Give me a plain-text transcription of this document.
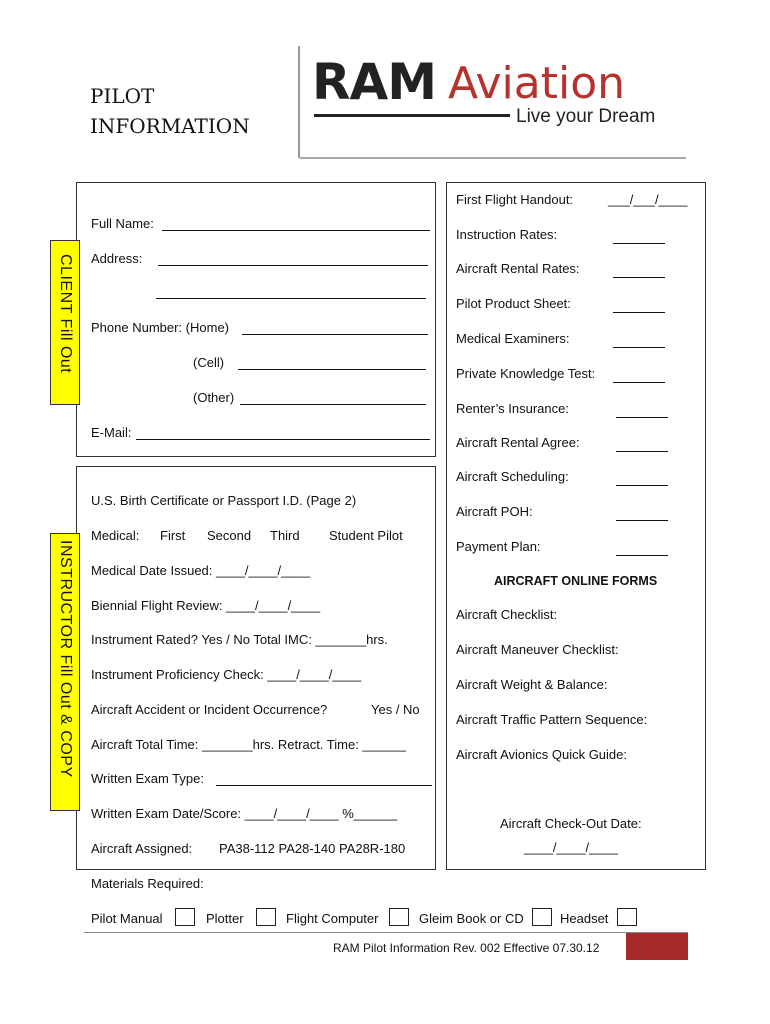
PILOT
INFORMATION
RAM Aviation
Live your Dream
CLIENT Fill Out
Full Name:
Address:
Phone Number: (Home)
(Cell)
(Other)
E-Mail:
INSTRUCTOR Fill Out & COPY
U.S. Birth Certificate or Passport I.D. (Page 2)
Medical: First Second Third Student Pilot
Medical Date Issued: ____/____/____
Biennial Flight Review: ____/____/____
Instrument Rated? Yes / No Total IMC: _______hrs.
Instrument Proficiency Check: ____/____/____
Aircraft Accident or Incident Occurrence?	Yes / No
Aircraft Total Time: _______hrs. Retract. Time: ______
Written Exam Type:
Written Exam Date/Score: ____/____/____ %______
Aircraft Assigned: PA38-112 PA28-140 PA28R-180
First Flight Handout:	___/___/____
Instruction Rates:
Aircraft Rental Rates:
Pilot Product Sheet:
Medical Examiners:
Private Knowledge Test:
Renter’s Insurance:
Aircraft Rental Agree:
Aircraft Scheduling:
Aircraft POH:
Payment Plan:
AIRCRAFT ONLINE FORMS
Aircraft Checklist:
Aircraft Maneuver Checklist:
Aircraft Weight & Balance:
Aircraft Traffic Pattern Sequence:
Aircraft Avionics Quick Guide:
Aircraft Check-Out Date:
____/____/____
Materials Required:
Pilot Manual	Plotter	Flight Computer	Gleim Book or CD	Headset
RAM Pilot Information Rev. 002 Effective 07.30.12
